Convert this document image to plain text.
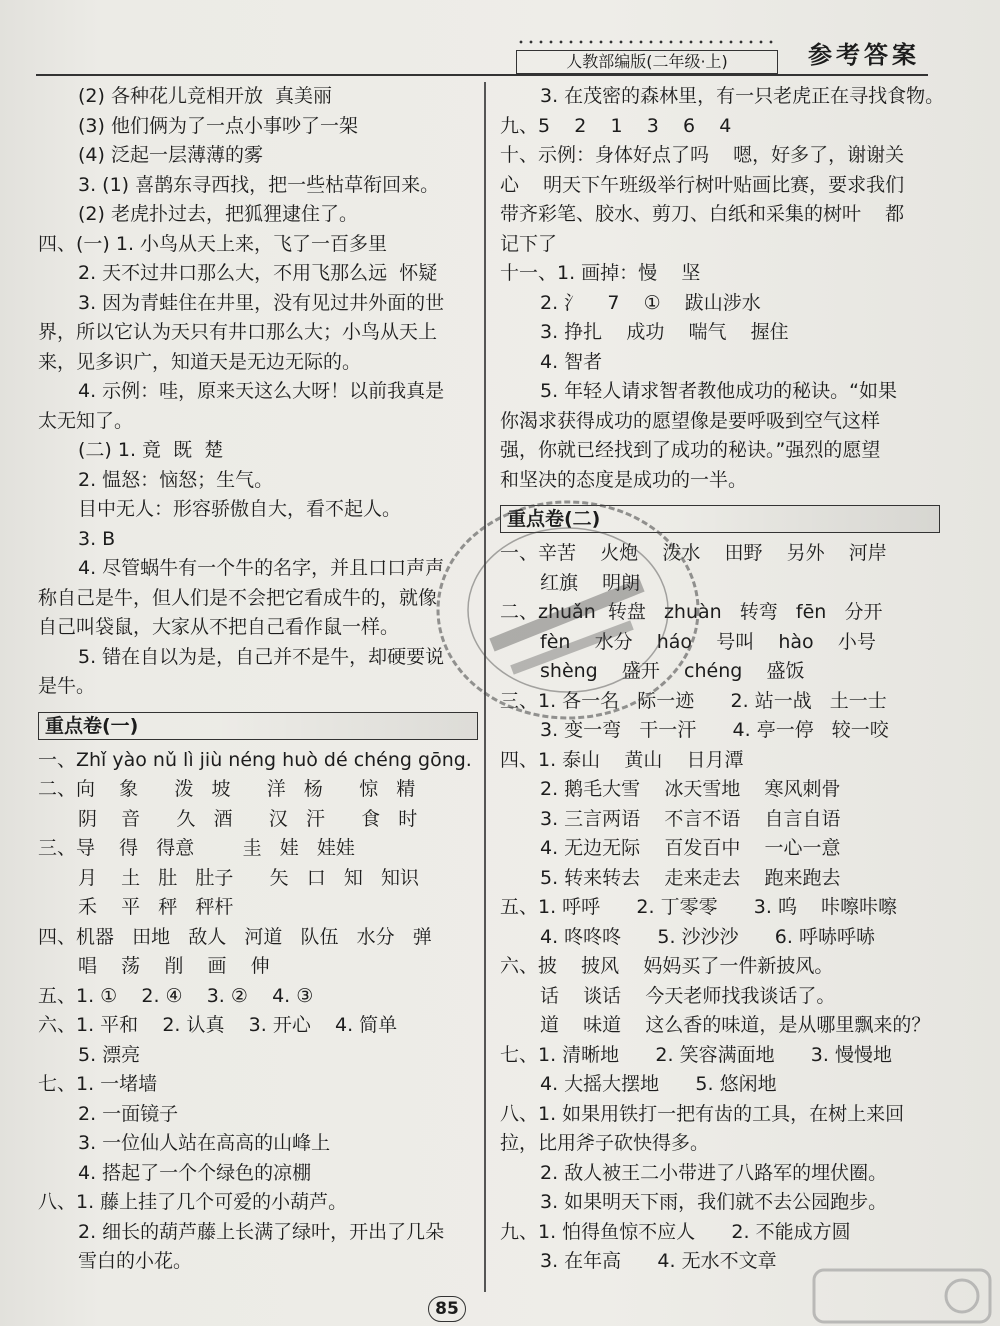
人教部编版(二年级·上)	参考答案
(2) 各种花儿竞相开放  真美丽
(3) 他们俩为了一点小事吵了一架
(4) 泛起一层薄薄的雾
3. (1) 喜鹊东寻西找，把一些枯草衔回来。
(2) 老虎扑过去，把狐狸逮住了。
四、(一) 1. 小鸟从天上来，飞了一百多里
2. 天不过井口那么大，不用飞那么远  怀疑
3. 因为青蛙住在井里，没有见过井外面的世
界，所以它认为天只有井口那么大；小鸟从天上
来，见多识广，知道天是无边无际的。
4. 示例：哇，原来天这么大呀！以前我真是
太无知了。
(二) 1. 竟  既  楚
2. 愠怒：恼怒；生气。
目中无人：形容骄傲自大，看不起人。
3. B
4. 尽管蜗牛有一个牛的名字，并且口口声声
称自己是牛，但人们是不会把它看成牛的，就像
自己叫袋鼠，大家从不把自己看作鼠一样。
5. 错在自以为是，自己并不是牛，却硬要说
是牛。
重点卷(一)
一、Zhǐ yào nǔ lì jiù néng huò dé chéng gōng.
二、向    象      泼   坡      洋   杨      惊   精
阴    音      久   酒      汉   汗      食   时
三、导    得   得意        圭   娃   娃娃
月    土   肚   肚子      矢   口   知   知识
禾    平   秤   秤杆
四、机器   田地   敌人   河道   队伍   水分   弹
唱    荡    削    画    伸
五、1. ①    2. ④    3. ②    4. ③
六、1. 平和    2. 认真    3. 开心    4. 简单
5. 漂亮
七、1. 一堵墙
2. 一面镜子
3. 一位仙人站在高高的山峰上
4. 搭起了一个个绿色的凉棚
八、1. 藤上挂了几个可爱的小葫芦。
2. 细长的葫芦藤上长满了绿叶，开出了几朵
雪白的小花。
3. 在茂密的森林里，有一只老虎正在寻找食物。
九、5    2    1    3    6    4
十、示例：身体好点了吗    嗯，好多了，谢谢关
心    明天下午班级举行树叶贴画比赛，要求我们
带齐彩笔、胶水、剪刀、白纸和采集的树叶    都
记下了
十一、1. 画掉：慢    坚
2. 氵    7    ①    跋山涉水
3. 挣扎    成功    喘气    握住
4. 智者
5. 年轻人请求智者教他成功的秘诀。“如果
你渴求获得成功的愿望像是要呼吸到空气这样
强，你就已经找到了成功的秘诀。”强烈的愿望
和坚决的态度是成功的一半。
重点卷(二)
一、辛苦    火炮    泼水    田野    另外    河岸
红旗    明朗
二、zhuǎn  转盘   zhuàn   转弯   fēn   分开
fèn    水分    háo    号叫    hào    小号
shèng    盛开    chéng    盛饭
三、1. 各一名   际一迹      2. 站一战   土一士
3. 变一弯   干一汗      4. 亭一停   较一咬
四、1. 泰山    黄山    日月潭
2. 鹅毛大雪    冰天雪地    寒风刺骨
3. 三言两语    不言不语    自言自语
4. 无边无际    百发百中    一心一意
5. 转来转去    走来走去    跑来跑去
五、1. 呼呼      2. 丁零零      3. 呜    咔嚓咔嚓
4. 咚咚咚      5. 沙沙沙      6. 呼哧呼哧
六、披    披风    妈妈买了一件新披风。
话    谈话    今天老师找我谈话了。
道    味道    这么香的味道，是从哪里飘来的？
七、1. 清晰地      2. 笑容满面地      3. 慢慢地
4. 大摇大摆地      5. 悠闲地
八、1. 如果用铁打一把有齿的工具，在树上来回
拉，比用斧子砍快得多。
2. 敌人被王二小带进了八路军的埋伏圈。
3. 如果明天下雨，我们就不去公园跑步。
九、1. 怕得鱼惊不应人      2. 不能成方圆
3. 在年高      4. 无水不文章
85
